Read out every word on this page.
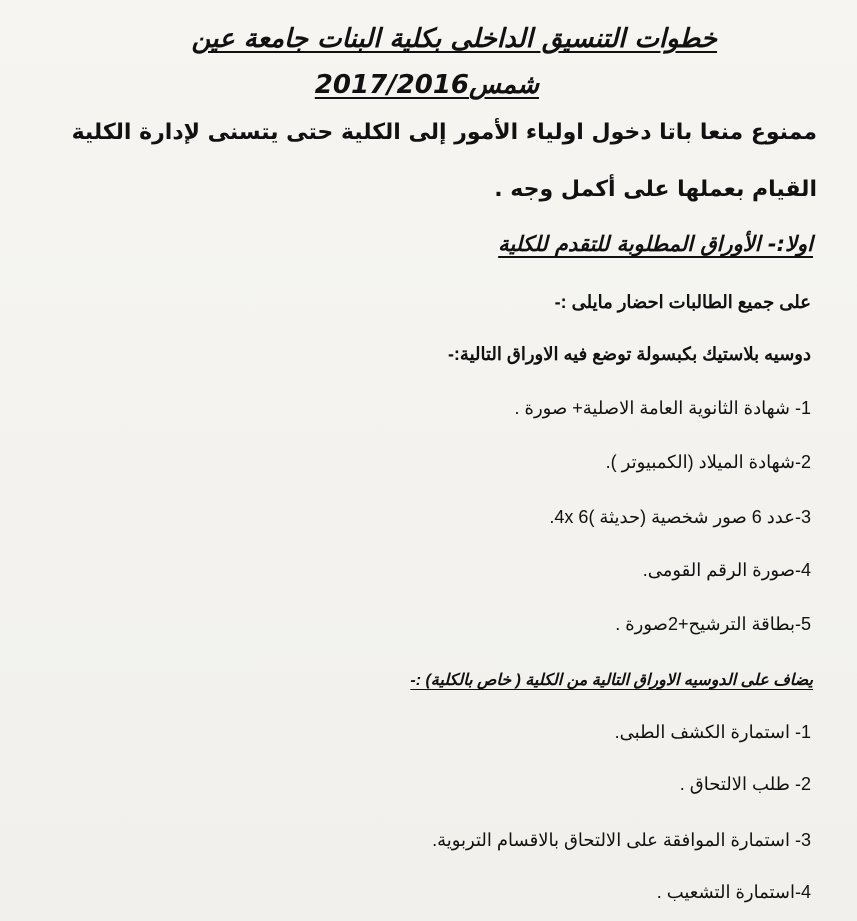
خطوات التنسيق الداخلى بكلية البنات جامعة عين
شمس2017/2016
ممنوع منعا باتا دخول اولياء الأمور إلى الكلية حتى يتسنى لإدارة الكلية
القيام بعملها على أكمل وجه .
اولا:- الأوراق المطلوبة للتقدم للكلية
على جميع الطالبات احضار مايلى :-
دوسيه بلاستيك بكبسولة توضع فيه الاوراق التالية:-
1- شهادة الثانوية العامة الاصلية+ صورة .
2-شهادة الميلاد (الكمبيوتر ).
3-عدد 6 صور شخصية (حديثة )4x 6.
4-صورة الرقم القومى.
5-بطاقة الترشيح+2صورة .
يضاف على الدوسيه الاوراق التالية من الكلية ( خاص بالكلية) :-
1- استمارة الكشف الطبى.
2- طلب الالتحاق .
3- استمارة الموافقة على الالتحاق بالاقسام التربوية.
4-استمارة التشعيب .
